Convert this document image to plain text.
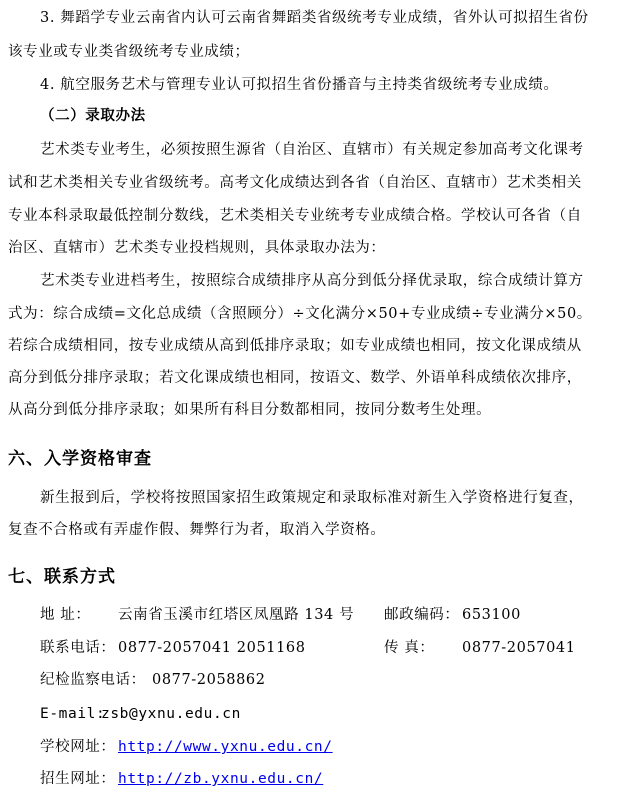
3. 舞蹈学专业云南省内认可云南省舞蹈类省级统考专业成绩，省外认可拟招生省份
该专业或专业类省级统考专业成绩；
4. 航空服务艺术与管理专业认可拟招生省份播音与主持类省级统考专业成绩。
（二）录取办法
艺术类专业考生，必须按照生源省（自治区、直辖市）有关规定参加高考文化课考
试和艺术类相关专业省级统考。高考文化成绩达到各省（自治区、直辖市）艺术类相关
专业本科录取最低控制分数线，艺术类相关专业统考专业成绩合格。学校认可各省（自
治区、直辖市）艺术类专业投档规则，具体录取办法为：
艺术类专业进档考生，按照综合成绩排序从高分到低分择优录取，综合成绩计算方
式为：综合成绩=文化总成绩（含照顾分）÷文化满分×50+专业成绩÷专业满分×50。
若综合成绩相同，按专业成绩从高到低排序录取；如专业成绩也相同，按文化课成绩从
高分到低分排序录取；若文化课成绩也相同，按语文、数学、外语单科成绩依次排序，
从高分到低分排序录取；如果所有科目分数都相同，按同分数考生处理。
六、入学资格审查
新生报到后，学校将按照国家招生政策规定和录取标准对新生入学资格进行复查，
复查不合格或有弄虚作假、舞弊行为者，取消入学资格。
七、联系方式
地 址： 云南省玉溪市红塔区凤凰路 134 号 邮政编码： 653100
联系电话： 0877-2057041 2051168	传 真： 0877-2057041
纪检监察电话： 0877-2058862
E-mail:
zsb@yxnu.edu.cn
学校网址： http://www.yxnu.edu.cn/
招生网址： http://zb.yxnu.edu.cn/
